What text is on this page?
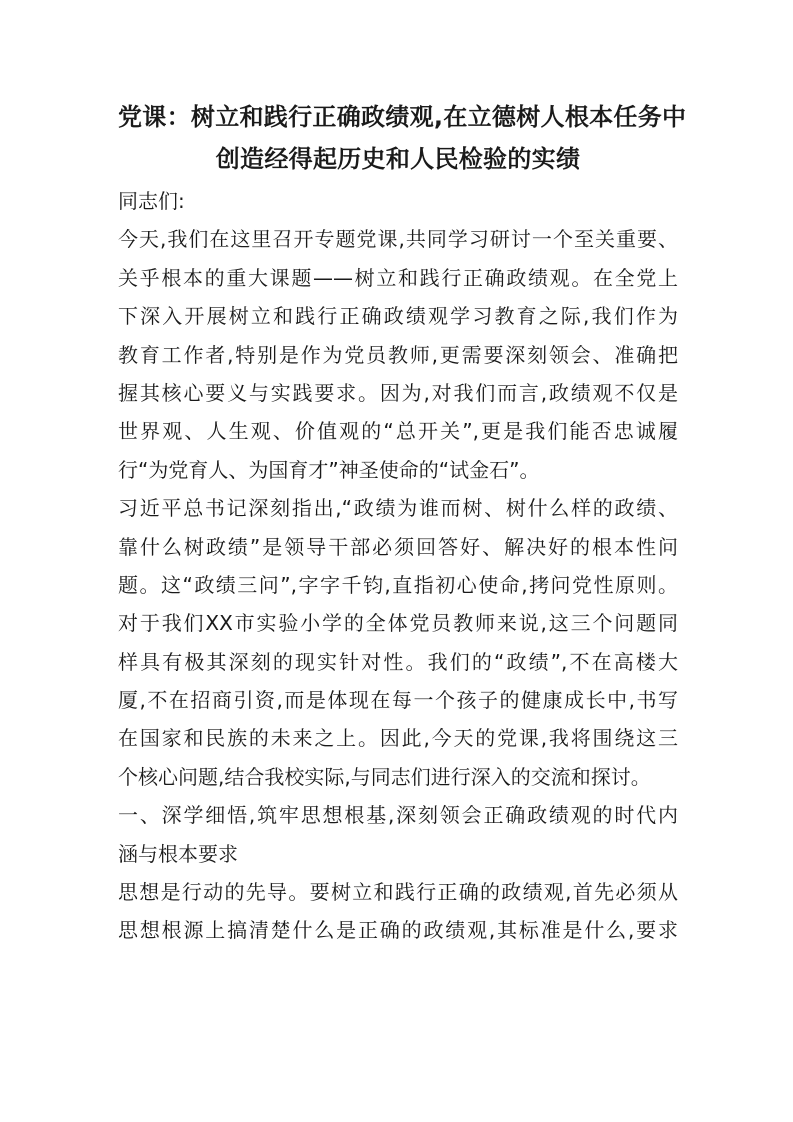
党课：树立和践行正确政绩观,在立德树人根本任务中
创造经得起历史和人民检验的实绩
同志们:
今天,我们在这里召开专题党课,共同学习研讨一个至关重要、
关乎根本的重大课题——树立和践行正确政绩观。在全党上
下深入开展树立和践行正确政绩观学习教育之际,我们作为
教育工作者,特别是作为党员教师,更需要深刻领会、准确把
握其核心要义与实践要求。因为,对我们而言,政绩观不仅是
世界观、人生观、价值观的“总开关”,更是我们能否忠诚履
行“为党育人、为国育才”神圣使命的“试金石”。
习近平总书记深刻指出,“政绩为谁而树、树什么样的政绩、
靠什么树政绩”是领导干部必须回答好、解决好的根本性问
题。这“政绩三问”,字字千钧,直指初心使命,拷问党性原则。
对于我们XX市实验小学的全体党员教师来说,这三个问题同
样具有极其深刻的现实针对性。我们的“政绩”,不在高楼大
厦,不在招商引资,而是体现在每一个孩子的健康成长中,书写
在国家和民族的未来之上。因此,今天的党课,我将围绕这三
个核心问题,结合我校实际,与同志们进行深入的交流和探讨。
一、深学细悟,筑牢思想根基,深刻领会正确政绩观的时代内
涵与根本要求
思想是行动的先导。要树立和践行正确的政绩观,首先必须从
思想根源上搞清楚什么是正确的政绩观,其标准是什么,要求
